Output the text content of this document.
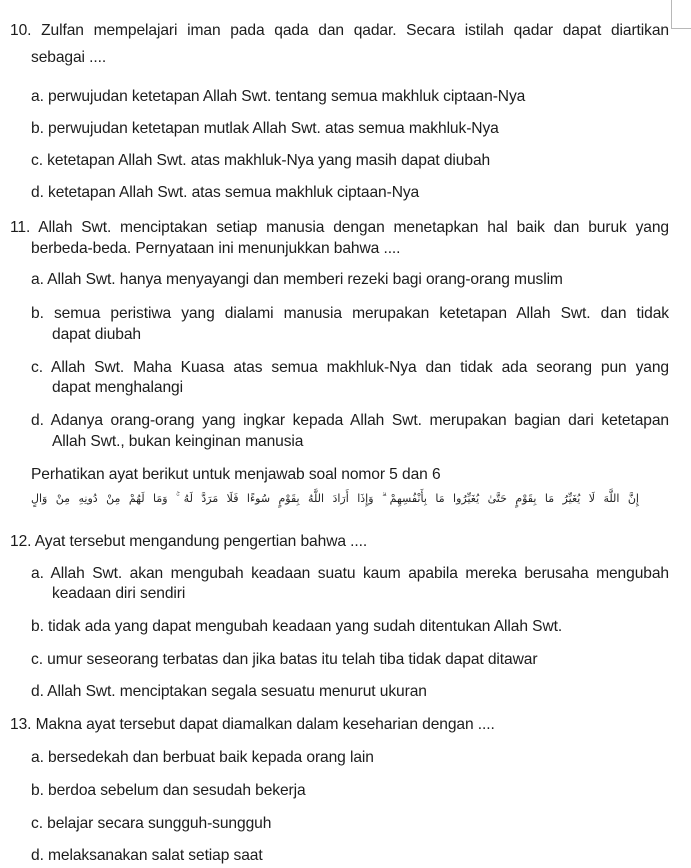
10. Zulfan mempelajari iman pada qada dan qadar. Secara istilah qadar dapat diartikan
sebagai ....
a. perwujudan ketetapan Allah Swt. tentang semua makhluk ciptaan-Nya
b. perwujudan ketetapan mutlak Allah Swt. atas semua makhluk-Nya
c. ketetapan Allah Swt. atas makhluk-Nya yang masih dapat diubah
d. ketetapan Allah Swt. atas semua makhluk ciptaan-Nya
11. Allah Swt. menciptakan setiap manusia dengan menetapkan hal baik dan buruk yang
berbeda-beda. Pernyataan ini menunjukkan bahwa ....
a. Allah Swt. hanya menyayangi dan memberi rezeki bagi orang-orang muslim
b. semua peristiwa yang dialami manusia merupakan ketetapan Allah Swt. dan tidak
dapat diubah
c. Allah Swt. Maha Kuasa atas semua makhluk-Nya dan tidak ada seorang pun yang
dapat menghalangi
d. Adanya orang-orang yang ingkar kepada Allah Swt. merupakan bagian dari ketetapan
Allah Swt., bukan keinginan manusia
Perhatikan ayat berikut untuk menjawab soal nomor 5 dan 6
إِنَّ اللَّهَ لَا يُغَيِّرُ مَا بِقَوْمٍ حَتَّىٰ يُغَيِّرُوا مَا بِأَنْفُسِهِمْ ۗ وَإِذَا أَرَادَ اللَّهُ بِقَوْمٍ سُوءًا فَلَا مَرَدَّ لَهُ ۚ وَمَا لَهُمْ مِنْ دُونِهِ مِنْ وَالٍ
12. Ayat tersebut mengandung pengertian bahwa ....
a. Allah Swt. akan mengubah keadaan suatu kaum apabila mereka berusaha mengubah
keadaan diri sendiri
b. tidak ada yang dapat mengubah keadaan yang sudah ditentukan Allah Swt.
c. umur seseorang terbatas dan jika batas itu telah tiba tidak dapat ditawar
d. Allah Swt. menciptakan segala sesuatu menurut ukuran
13. Makna ayat tersebut dapat diamalkan dalam keseharian dengan ....
a. bersedekah dan berbuat baik kepada orang lain
b. berdoa sebelum dan sesudah bekerja
c. belajar secara sungguh-sungguh
d. melaksanakan salat setiap saat
